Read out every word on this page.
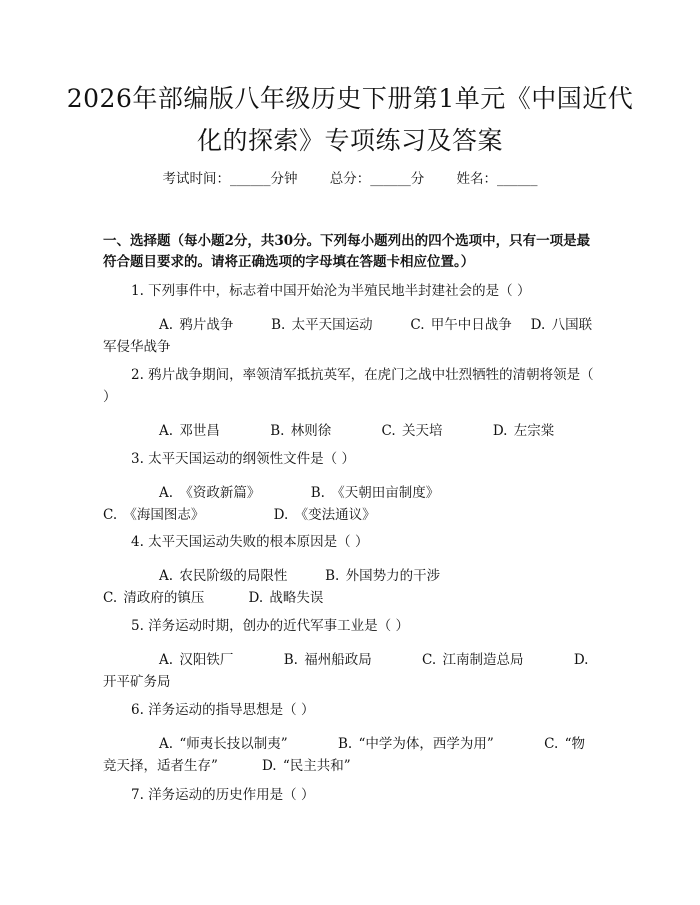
2026年部编版八年级历史下册第1单元《中国近代化的探索》专项练习及答案
考试时间：______分钟 总分：______分 姓名：______

一、选择题（每小题2分，共30分。下列每小题列出的四个选项中，只有一项是最符合题目要求的。请将正确选项的字母填在答题卡相应位置。）

1. 下列事件中，标志着中国开始沦为半殖民地半封建社会的是（ ）

A. 鸦片战争	B. 太平天国运动	C. 甲午中日战争 D. 八国联军侵华战争

2. 鸦片战争期间，率领清军抵抗英军，在虎门之战中壮烈牺牲的清朝将领是（ ）

A. 邓世昌	B. 林则徐	C. 关天培	D. 左宗棠

3. 太平天国运动的纲领性文件是（ ）

A. 《资政新篇》	B. 《天朝田亩制度》        C. 《海国图志》	D. 《变法通议》

4. 太平天国运动失败的根本原因是（ ）

A. 农民阶级的局限性	B. 外国势力的干涉      C. 清政府的镇压	D. 战略失误

5. 洋务运动时期，创办的近代军事工业是（ ）

A. 汉阳铁厂	B. 福州船政局	C. 江南制造总局	D. 开平矿务局

6. 洋务运动的指导思想是（ ）

A. “师夷长技以制夷”	B. “中学为体，西学为用”	C. “物竞天择，适者生存”	D. “民主共和”

7. 洋务运动的历史作用是（ ）
